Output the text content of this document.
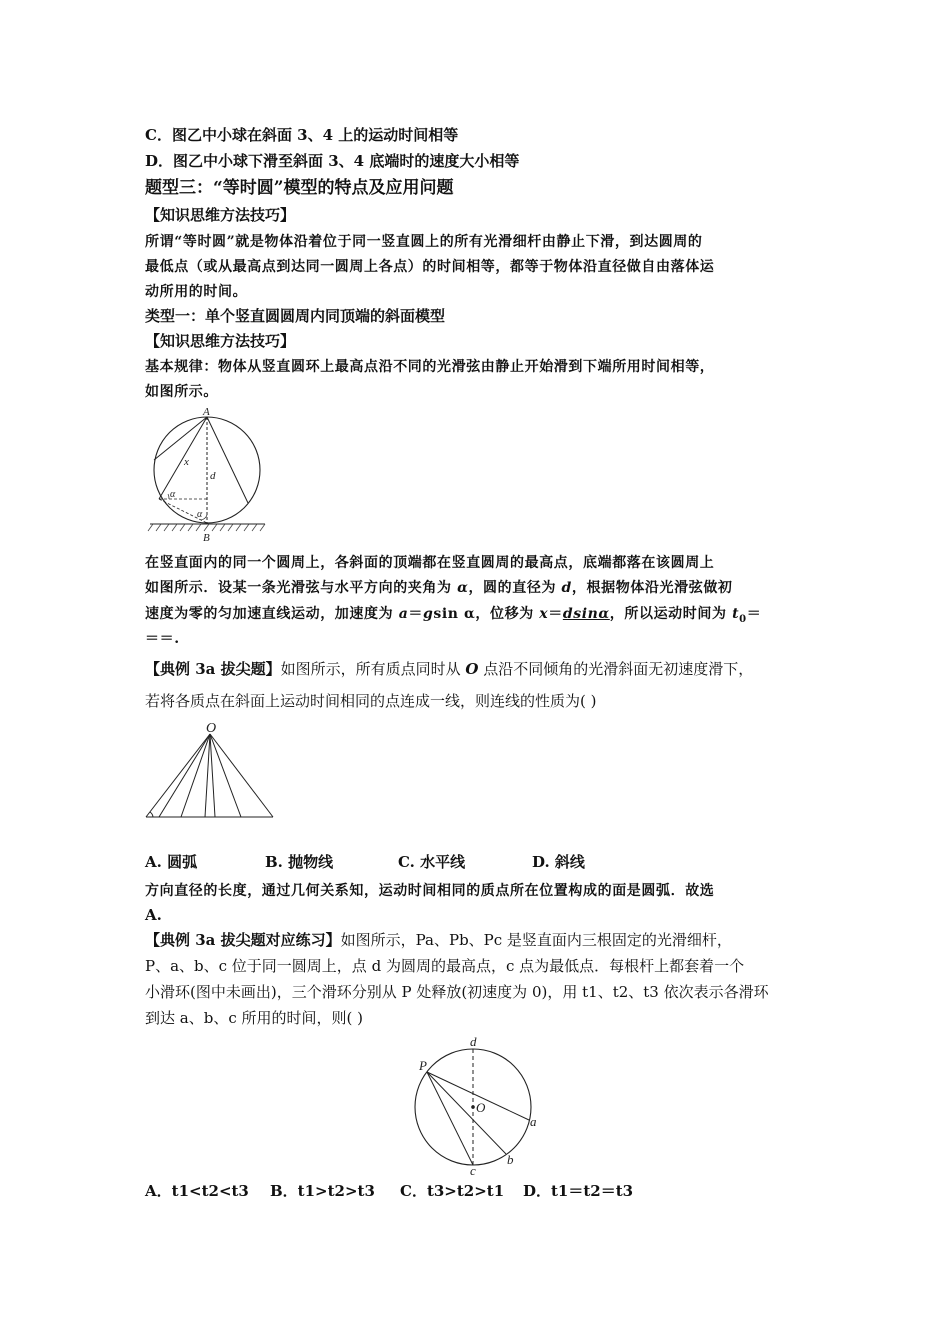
C．图乙中小球在斜面 3、4 上的运动时间相等
D．图乙中小球下滑至斜面 3、4 底端时的速度大小相等
题型三：“等时圆”模型的特点及应用问题
【知识思维方法技巧】
所谓“等时圆”就是物体沿着位于同一竖直圆上的所有光滑细杆由静止下滑，到达圆周的
最低点（或从最高点到达同一圆周上各点）的时间相等，都等于物体沿直径做自由落体运
动所用的时间。
类型一：单个竖直圆圆周内同顶端的斜面模型
【知识思维方法技巧】
基本规律：物体从竖直圆环上最高点沿不同的光滑弦由静止开始滑到下端所用时间相等，
如图所示。
A
B
x
d
α
α
在竖直面内的同一个圆周上，各斜面的顶端都在竖直圆周的最高点，底端都落在该圆周上
如图所示．设某一条光滑弦与水平方向的夹角为 α，圆的直径为 d，根据物体沿光滑弦做初
速度为零的匀加速直线运动，加速度为 a＝gsin α，位移为 x＝dsinα，所以运动时间为 $t_0=$
＝＝.
【典例 3a 拔尖题】如图所示，所有质点同时从 O 点沿不同倾角的光滑斜面无初速度滑下，
若将各质点在斜面上运动时间相同的点连成一线，则连线的性质为( )
O
A. 圆弧	B. 抛物线	C. 水平线	D. 斜线
方向直径的长度，通过几何关系知，运动时间相同的质点所在位置构成的面是圆弧．故选
A.
【典例 3a 拔尖题对应练习】如图所示，Pa、Pb、Pc 是竖直面内三根固定的光滑细杆，
P、a、b、c 位于同一圆周上，点 d 为圆周的最高点，c 点为最低点．每根杆上都套着一个
小滑环(图中未画出)，三个滑环分别从 P 处释放(初速度为 0)，用 t1、t2、t3 依次表示各滑环
到达 a、b、c 所用的时间，则( )
d
P
O
a
b
c
A．t1<t2<t3 B．t1>t2>t3 C．t3>t2>t1 D．t1＝t2＝t3
